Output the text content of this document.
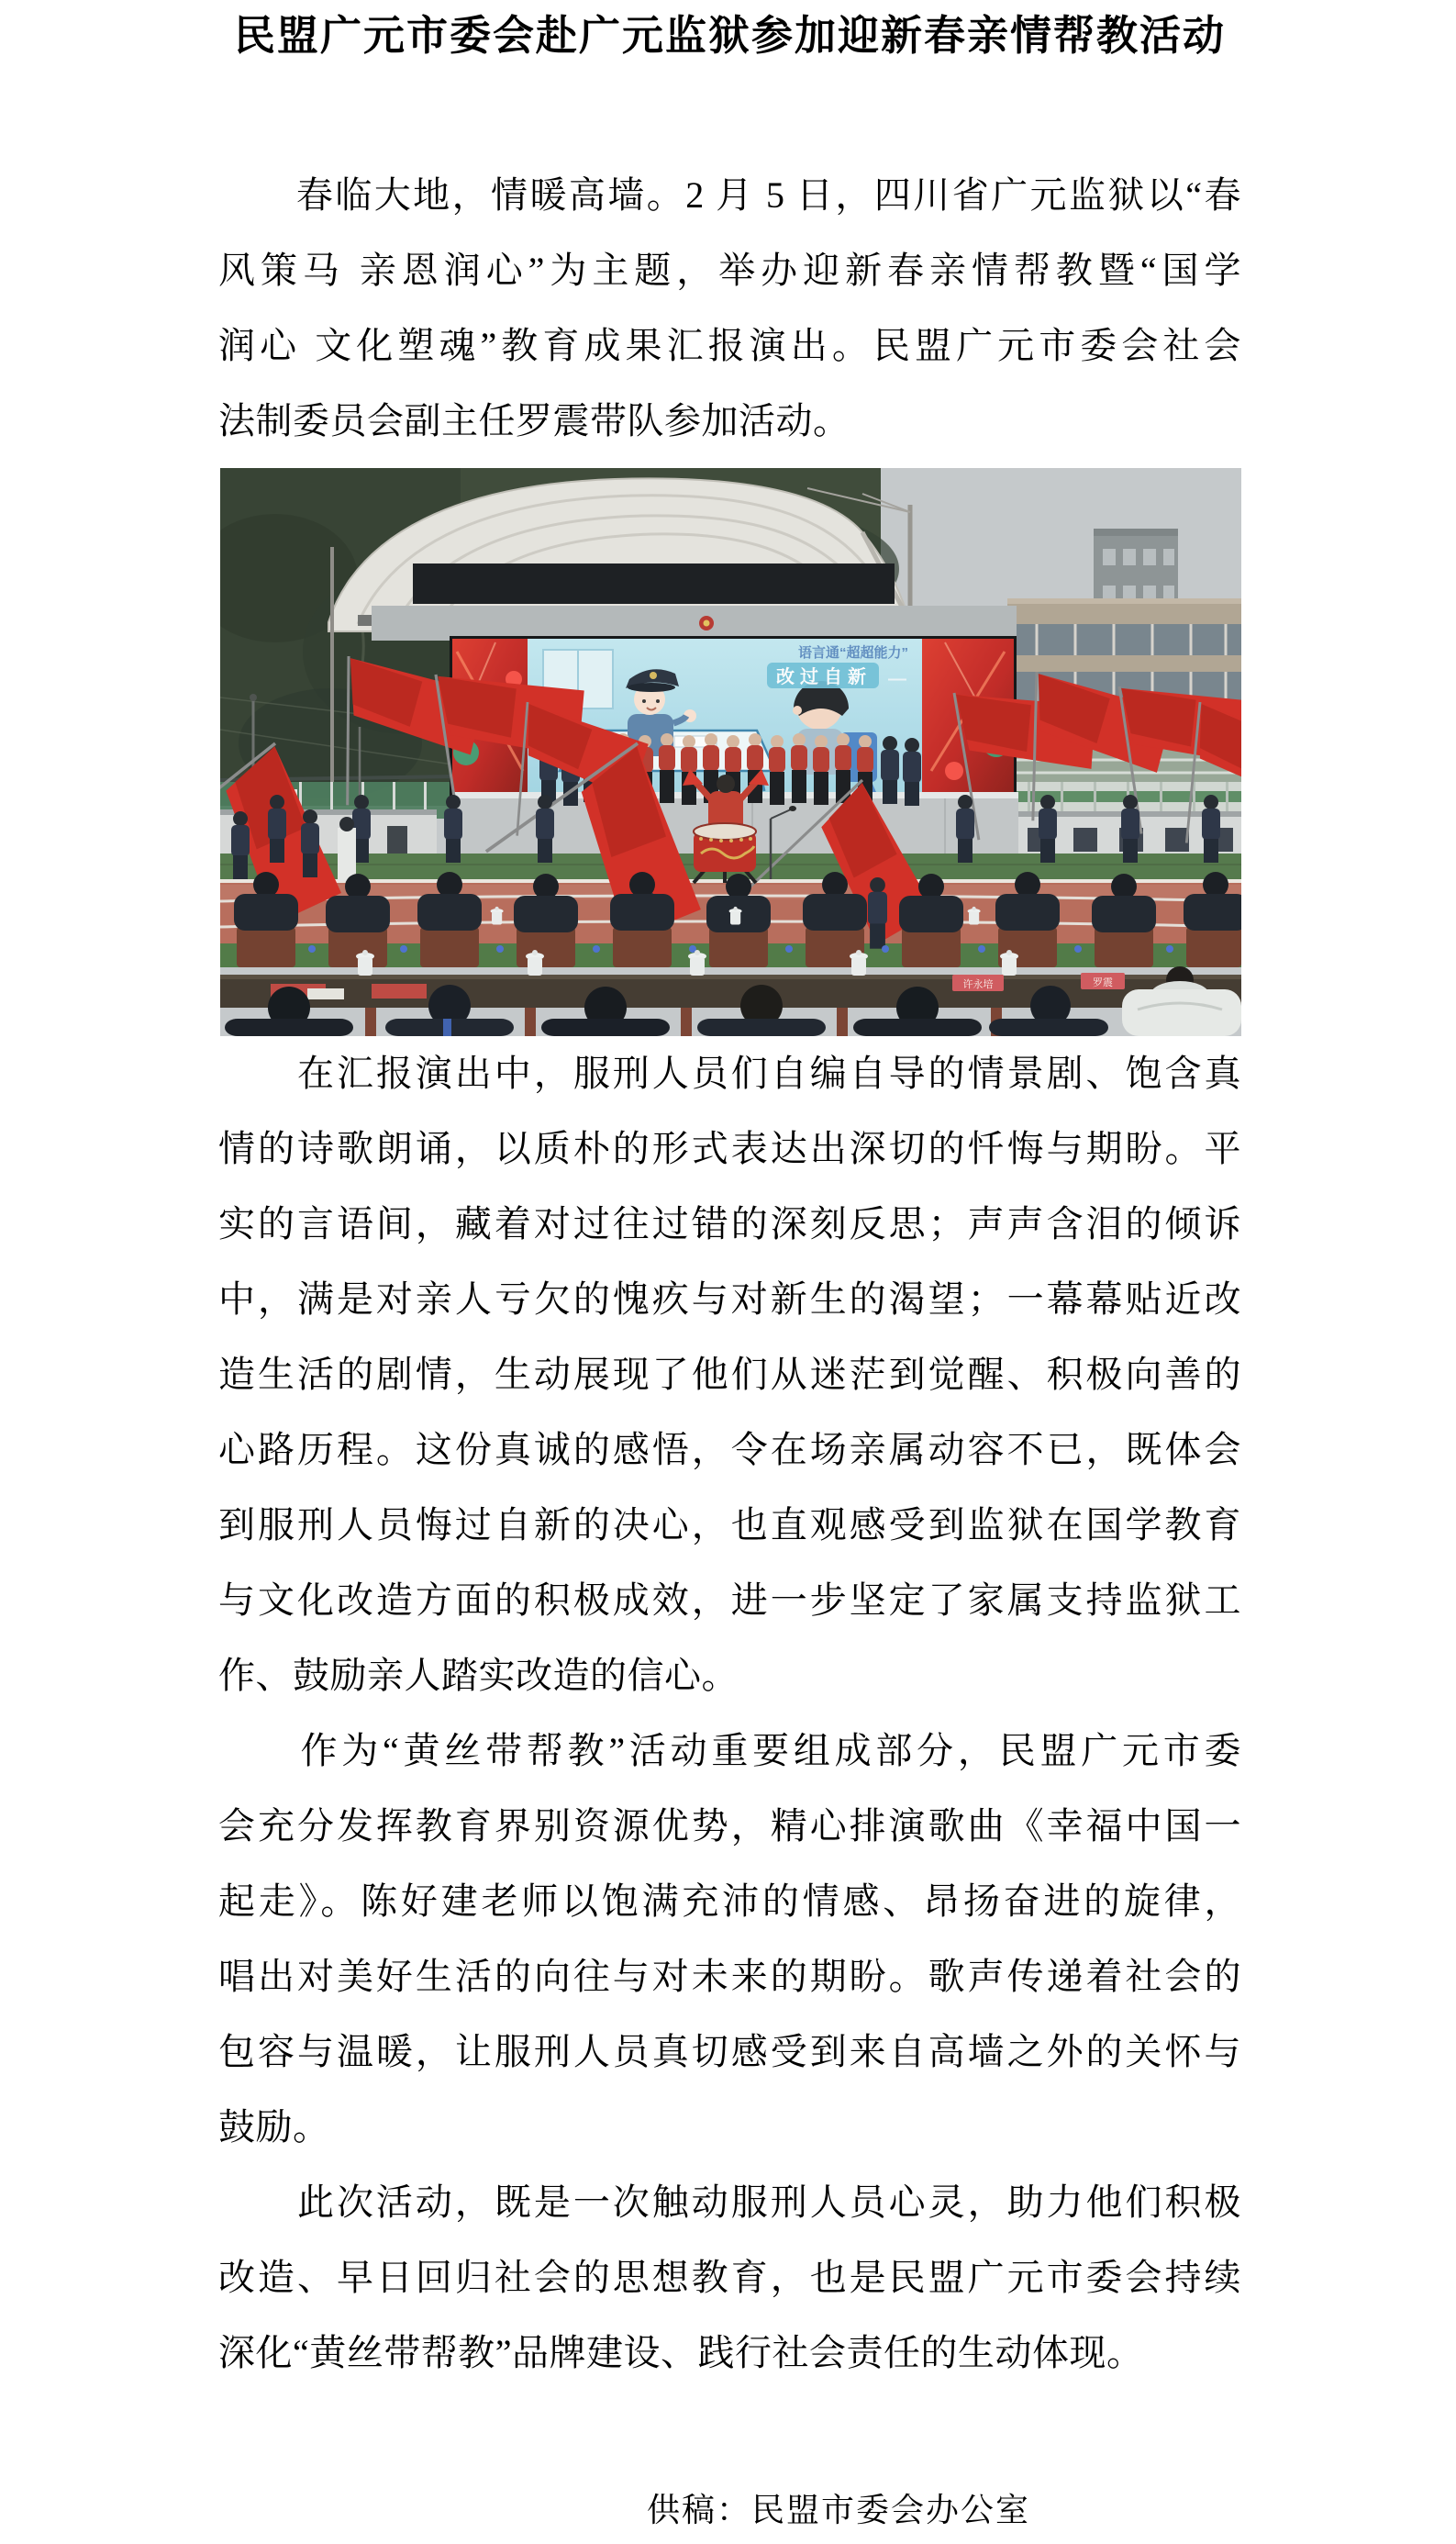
民盟广元市委会赴广元监狱参加迎新春亲情帮教活动
　　春临大地，情暖高墙。2 月 5 日，四川省广元监狱以“春
风策马 亲恩润心”为主题，举办迎新春亲情帮教暨“国学
润心 文化塑魂”教育成果汇报演出。民盟广元市委会社会
法制委员会副主任罗震带队参加活动。
语言通“超超能力”
改过自新 —
许永培	罗震
　　在汇报演出中，服刑人员们自编自导的情景剧、饱含真
情的诗歌朗诵，以质朴的形式表达出深切的忏悔与期盼。平
实的言语间，藏着对过往过错的深刻反思；声声含泪的倾诉
中，满是对亲人亏欠的愧疚与对新生的渴望；一幕幕贴近改
造生活的剧情，生动展现了他们从迷茫到觉醒、积极向善的
心路历程。这份真诚的感悟，令在场亲属动容不已，既体会
到服刑人员悔过自新的决心，也直观感受到监狱在国学教育
与文化改造方面的积极成效，进一步坚定了家属支持监狱工
作、鼓励亲人踏实改造的信心。
　　作为“黄丝带帮教”活动重要组成部分，民盟广元市委
会充分发挥教育界别资源优势，精心排演歌曲《幸福中国一
起走》。陈好建老师以饱满充沛的情感、昂扬奋进的旋律，
唱出对美好生活的向往与对未来的期盼。歌声传递着社会的
包容与温暖，让服刑人员真切感受到来自高墙之外的关怀与
鼓励。
　　此次活动，既是一次触动服刑人员心灵，助力他们积极
改造、早日回归社会的思想教育，也是民盟广元市委会持续
深化“黄丝带帮教”品牌建设、践行社会责任的生动体现。
供稿：民盟市委会办公室
